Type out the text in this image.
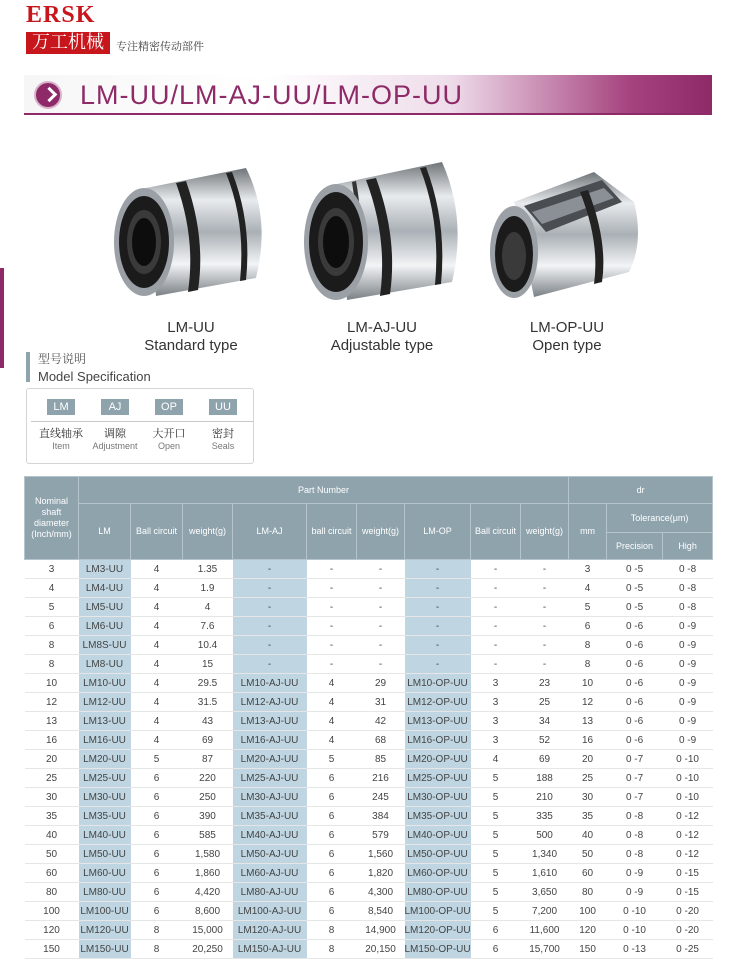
ERSK
万工机械	专注精密传动部件
LM-UU/LM-AJ-UU/LM-OP-UU
LM-UU
Standard type
LM-AJ-UU
Adjustable type
LM-OP-UU
Open type
型号说明
Model Specification
LM
直线轴承
Item
AJ
调隙
Adjustment
OP
大开口
Open
UU
密封
Seals
Nominal shaft diameter (Inch/mm)	Part Number									dr		
	LM	Ball circuit	weight(g)	LM-AJ	ball circuit	weight(g)	LM-OP	Ball circuit	weight(g)	mm	Tolerance(μm)	
											Precision	High
3	LM3-UU	4	1.35	-	-	-	-	-	-	3	0 -5	0 -8
4	LM4-UU	4	1.9	-	-	-	-	-	-	4	0 -5	0 -8
5	LM5-UU	4	4	-	-	-	-	-	-	5	0 -5	0 -8
6	LM6-UU	4	7.6	-	-	-	-	-	-	6	0 -6	0 -9
8	LM8S-UU	4	10.4	-	-	-	-	-	-	8	0 -6	0 -9
8	LM8-UU	4	15	-	-	-	-	-	-	8	0 -6	0 -9
10	LM10-UU	4	29.5	LM10-AJ-UU	4	29	LM10-OP-UU	3	23	10	0 -6	0 -9
12	LM12-UU	4	31.5	LM12-AJ-UU	4	31	LM12-OP-UU	3	25	12	0 -6	0 -9
13	LM13-UU	4	43	LM13-AJ-UU	4	42	LM13-OP-UU	3	34	13	0 -6	0 -9
16	LM16-UU	4	69	LM16-AJ-UU	4	68	LM16-OP-UU	3	52	16	0 -6	0 -9
20	LM20-UU	5	87	LM20-AJ-UU	5	85	LM20-OP-UU	4	69	20	0 -7	0 -10
25	LM25-UU	6	220	LM25-AJ-UU	6	216	LM25-OP-UU	5	188	25	0 -7	0 -10
30	LM30-UU	6	250	LM30-AJ-UU	6	245	LM30-OP-UU	5	210	30	0 -7	0 -10
35	LM35-UU	6	390	LM35-AJ-UU	6	384	LM35-OP-UU	5	335	35	0 -8	0 -12
40	LM40-UU	6	585	LM40-AJ-UU	6	579	LM40-OP-UU	5	500	40	0 -8	0 -12
50	LM50-UU	6	1,580	LM50-AJ-UU	6	1,560	LM50-OP-UU	5	1,340	50	0 -8	0 -12
60	LM60-UU	6	1,860	LM60-AJ-UU	6	1,820	LM60-OP-UU	5	1,610	60	0 -9	0 -15
80	LM80-UU	6	4,420	LM80-AJ-UU	6	4,300	LM80-OP-UU	5	3,650	80	0 -9	0 -15
100	LM100-UU	6	8,600	LM100-AJ-UU	6	8,540	LM100-OP-UU	5	7,200	100	0 -10	0 -20
120	LM120-UU	8	15,000	LM120-AJ-UU	8	14,900	LM120-OP-UU	6	11,600	120	0 -10	0 -20
150	LM150-UU	8	20,250	LM150-AJ-UU	8	20,150	LM150-OP-UU	6	15,700	150	0 -13	0 -25
